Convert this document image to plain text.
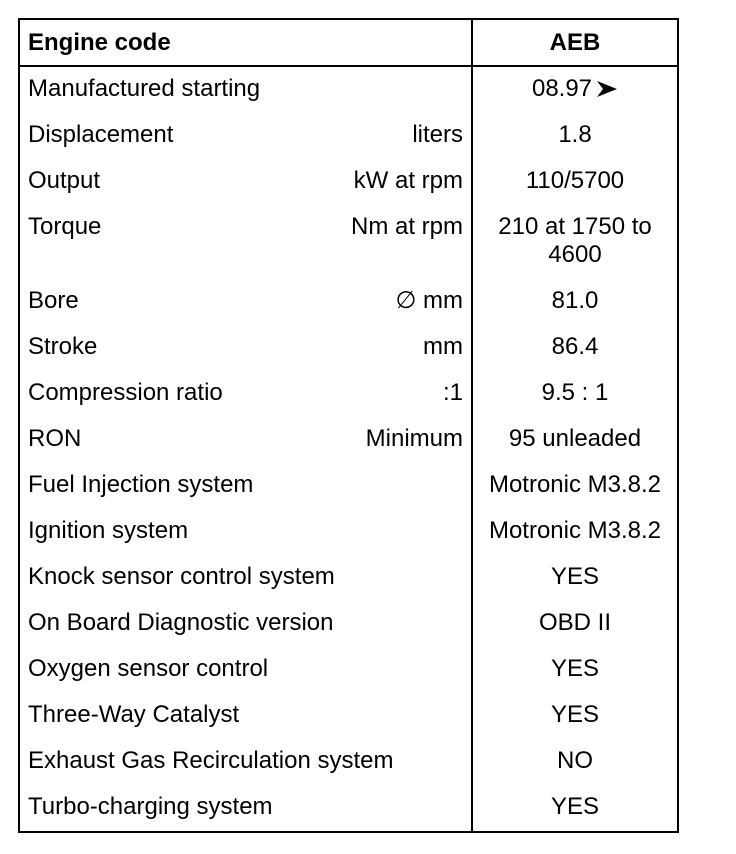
Engine code	AEB

Manufactured starting	08.97

Displacement liters	1.8

Output kW at rpm	110/5700

Torque Nm at rpm	210 at 1750 to 4600

Bore ∅ mm	81.0

Stroke mm	86.4

Compression ratio :1	9.5 : 1

RON Minimum	95 unleaded

Fuel Injection system	Motronic M3.8.2

Ignition system	Motronic M3.8.2

Knock sensor control system	YES

On Board Diagnostic version	OBD II

Oxygen sensor control	YES

Three-Way Catalyst	YES

Exhaust Gas Recirculation system	NO

Turbo-charging system	YES
